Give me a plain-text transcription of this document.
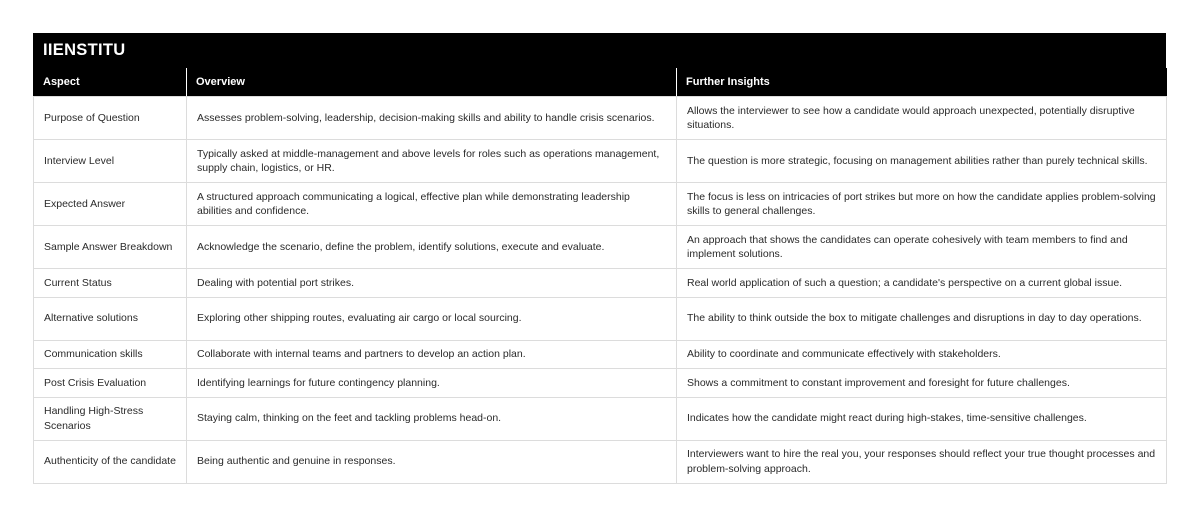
IIENSTITU
Aspect	Overview	Further Insights
Purpose of Question	Assesses problem-solving, leadership, decision-making skills and ability to handle crisis scenarios.	Allows the interviewer to see how a candidate would approach unexpected, potentially disruptive situations.
Interview Level	Typically asked at middle-management and above levels for roles such as operations management, supply chain, logistics, or HR.	The question is more strategic, focusing on management abilities rather than purely technical skills.
Expected Answer	A structured approach communicating a logical, effective plan while demonstrating leadership abilities and confidence.	The focus is less on intricacies of port strikes but more on how the candidate applies problem-solving skills to general challenges.
Sample Answer Breakdown	Acknowledge the scenario, define the problem, identify solutions, execute and evaluate.	An approach that shows the candidates can operate cohesively with team members to find and implement solutions.
Current Status	Dealing with potential port strikes.	Real world application of such a question; a candidate's perspective on a current global issue.
Alternative solutions	Exploring other shipping routes, evaluating air cargo or local sourcing.	The ability to think outside the box to mitigate challenges and disruptions in day to day operations.
Communication skills	Collaborate with internal teams and partners to develop an action plan.	Ability to coordinate and communicate effectively with stakeholders.
Post Crisis Evaluation	Identifying learnings for future contingency planning.	Shows a commitment to constant improvement and foresight for future challenges.
Handling High-Stress Scenarios	Staying calm, thinking on the feet and tackling problems head-on.	Indicates how the candidate might react during high-stakes, time-sensitive challenges.
Authenticity of the candidate	Being authentic and genuine in responses.	Interviewers want to hire the real you, your responses should reflect your true thought processes and problem-solving approach.
